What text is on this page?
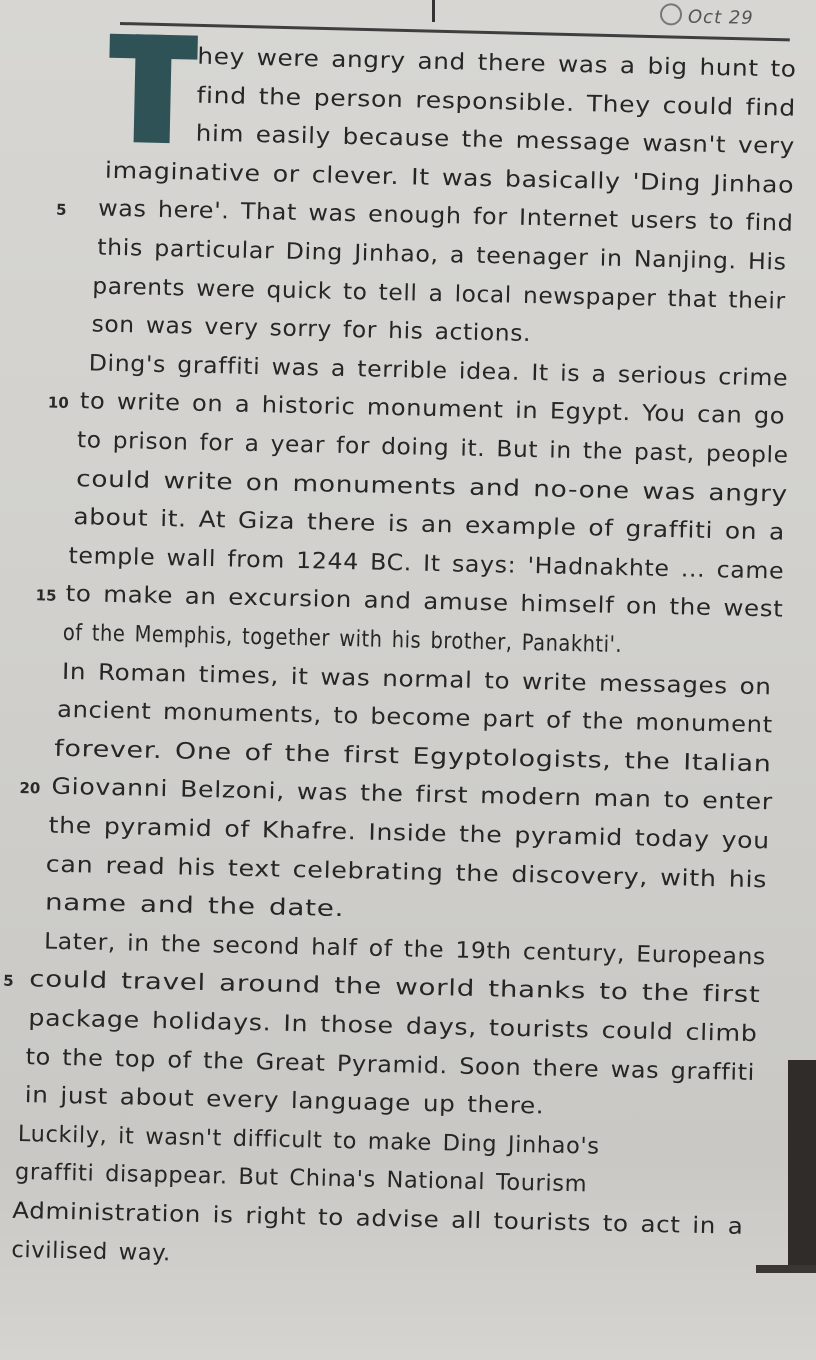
Oct 29
hey were angry and there was a big hunt to
find the person responsible. They could find
him easily because the message wasn't very
imaginative or clever. It was basically 'Ding Jinhao
was here'. That was enough for Internet users to find
this particular Ding Jinhao, a teenager in Nanjing. His
parents were quick to tell a local newspaper that their
son was very sorry for his actions.
Ding's graffiti was a terrible idea. It is a serious crime
to write on a historic monument in Egypt. You can go
to prison for a year for doing it. But in the past, people
could write on monuments and no-one was angry
about it. At Giza there is an example of graffiti on a
temple wall from 1244 BC. It says: 'Hadnakhte ... came
to make an excursion and amuse himself on the west
of the Memphis, together with his brother, Panakhti'.
In Roman times, it was normal to write messages on
ancient monuments, to become part of the monument
forever. One of the first Egyptologists, the Italian
Giovanni Belzoni, was the first modern man to enter
the pyramid of Khafre. Inside the pyramid today you
can read his text celebrating the discovery, with his
name and the date.
Later, in the second half of the 19th century, Europeans
could travel around the world thanks to the first
package holidays. In those days, tourists could climb
to the top of the Great Pyramid. Soon there was graffiti
in just about every language up there.
Luckily, it wasn't difficult to make Ding Jinhao's
graffiti disappear. But China's National Tourism
Administration is right to advise all tourists to act in a
civilised way.
5
10
15
20
5
